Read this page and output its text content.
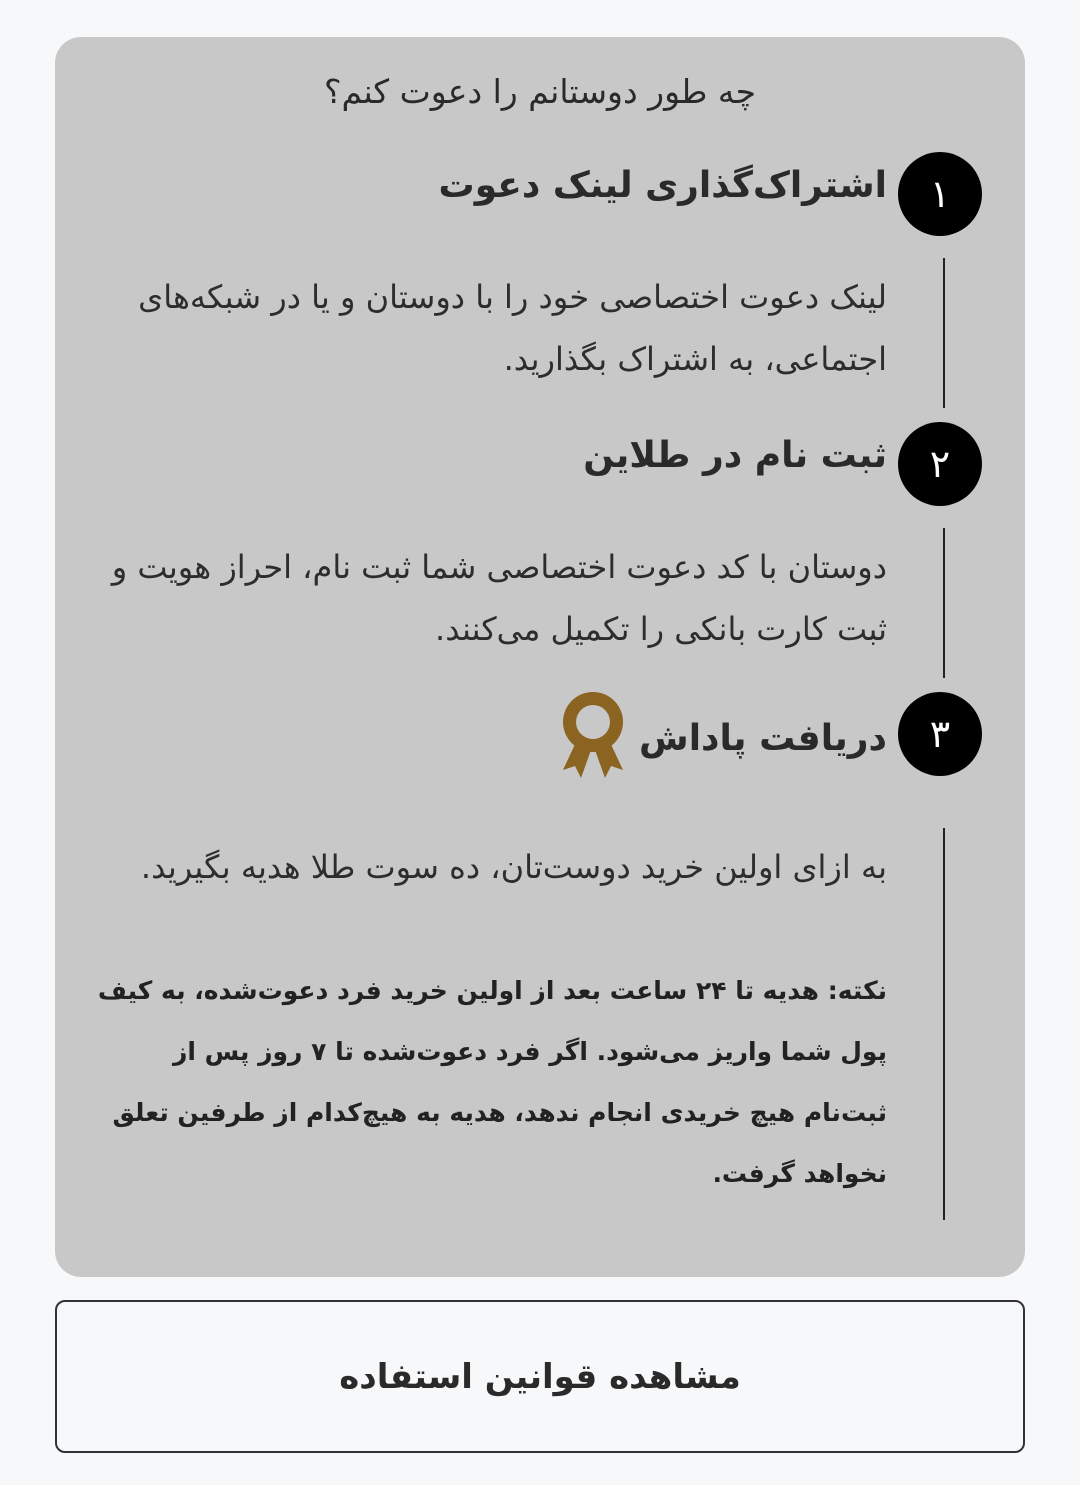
چه طور دوستانم را دعوت کنم؟
۱
اشتراک‌گذاری لینک دعوت
لینک دعوت اختصاصی خود را با دوستان و یا در شبکه‌های اجتماعی، به اشتراک بگذارید.
۲
ثبت نام در طلاین
دوستان با کد دعوت اختصاصی شما ثبت نام، احراز هویت و ثبت کارت بانکی را تکمیل می‌کنند.
۳
دریافت پاداش
به ازای اولین خرید دوست‌تان، ده سوت طلا هدیه بگیرید.
نکته: هدیه تا ۲۴ ساعت بعد از اولین خرید فرد دعوت‌شده، به کیف پول شما واریز می‌شود. اگر فرد دعوت‌شده تا ۷ روز پس از ثبت‌نام هیچ خریدی انجام ندهد، هدیه به هیچ‌کدام از طرفین تعلق نخواهد گرفت.
مشاهده قوانین استفاده
